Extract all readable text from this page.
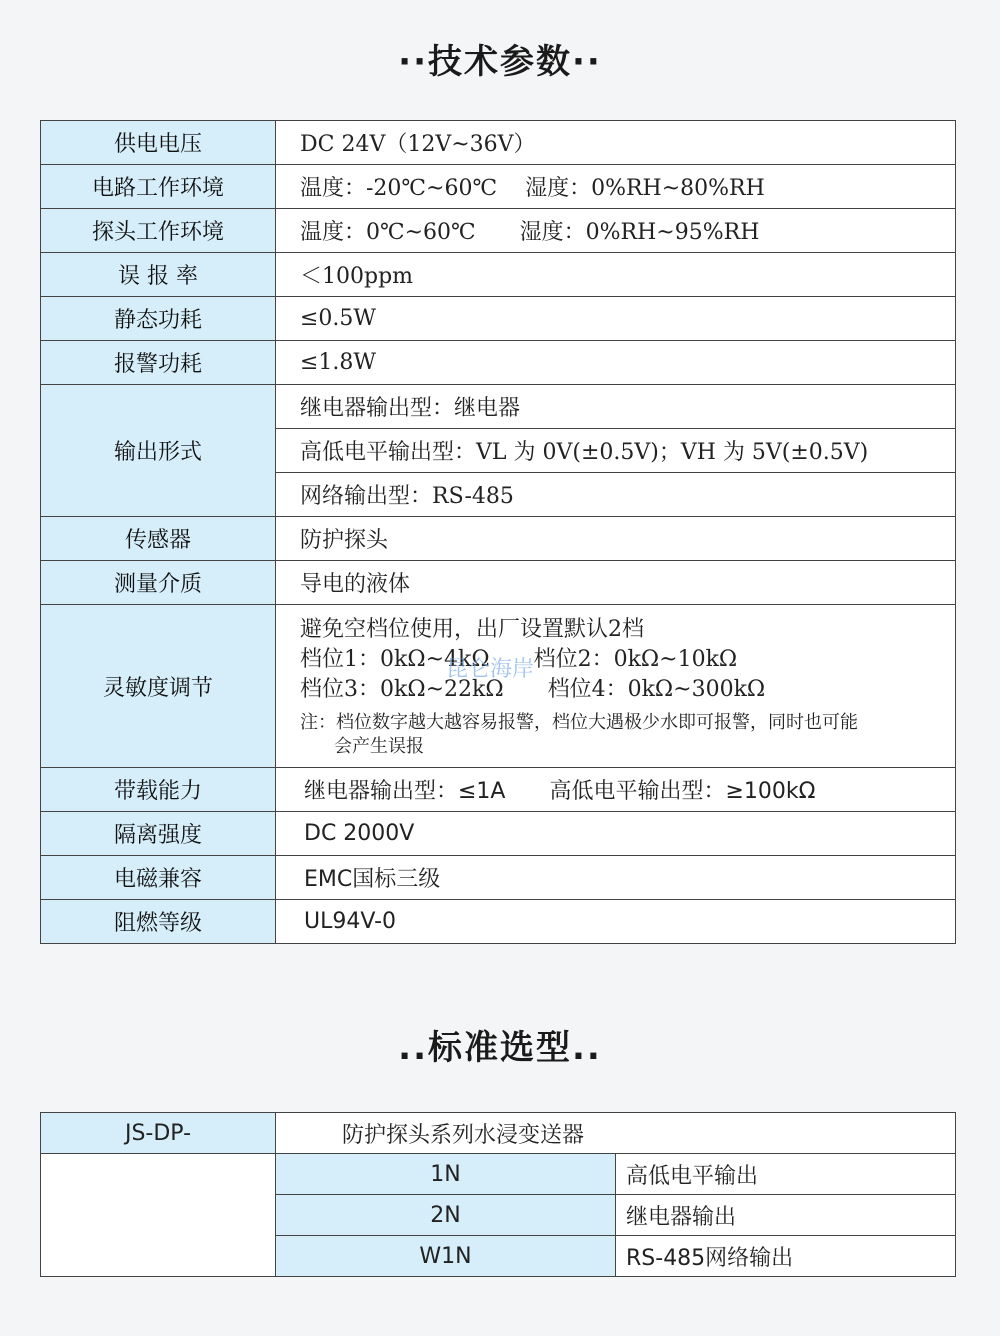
··技术参数··
供电电压	DC 24V（12V~36V）
电路工作环境	温度：-20℃~60℃ 湿度：0%RH~80%RH
探头工作环境	温度：0℃~60℃ 湿度：0%RH~95%RH
误 报 率	＜100ppm
静态功耗	≤0.5W
报警功耗	≤1.8W
输出形式	继电器输出型：继电器
	高低电平输出型：VL 为 0V(±0.5V)；VH 为 5V(±0.5V)
	网络输出型：RS-485
传感器	防护探头
测量介质	导电的液体
灵敏度调节	避免空档位使用，出厂设置默认2档
档位1：0kΩ~4kΩ 档位2：0kΩ~10kΩ
档位3：0kΩ~22kΩ 档位4：0kΩ~300kΩ
注：档位数字越大越容易报警，档位大遇极少水即可报警，同时也可能
会产生误报

带载能力	继电器输出型：≤1A 高低电平输出型：≥100kΩ
隔离强度	DC 2000V
电磁兼容	EMC国标三级
阻燃等级	UL94V-0
昆仑海岸
..标准选型..
JS-DP-	防护探头系列水浸变送器	
	1N	高低电平输出
	2N	继电器输出
	W1N	RS-485网络输出
